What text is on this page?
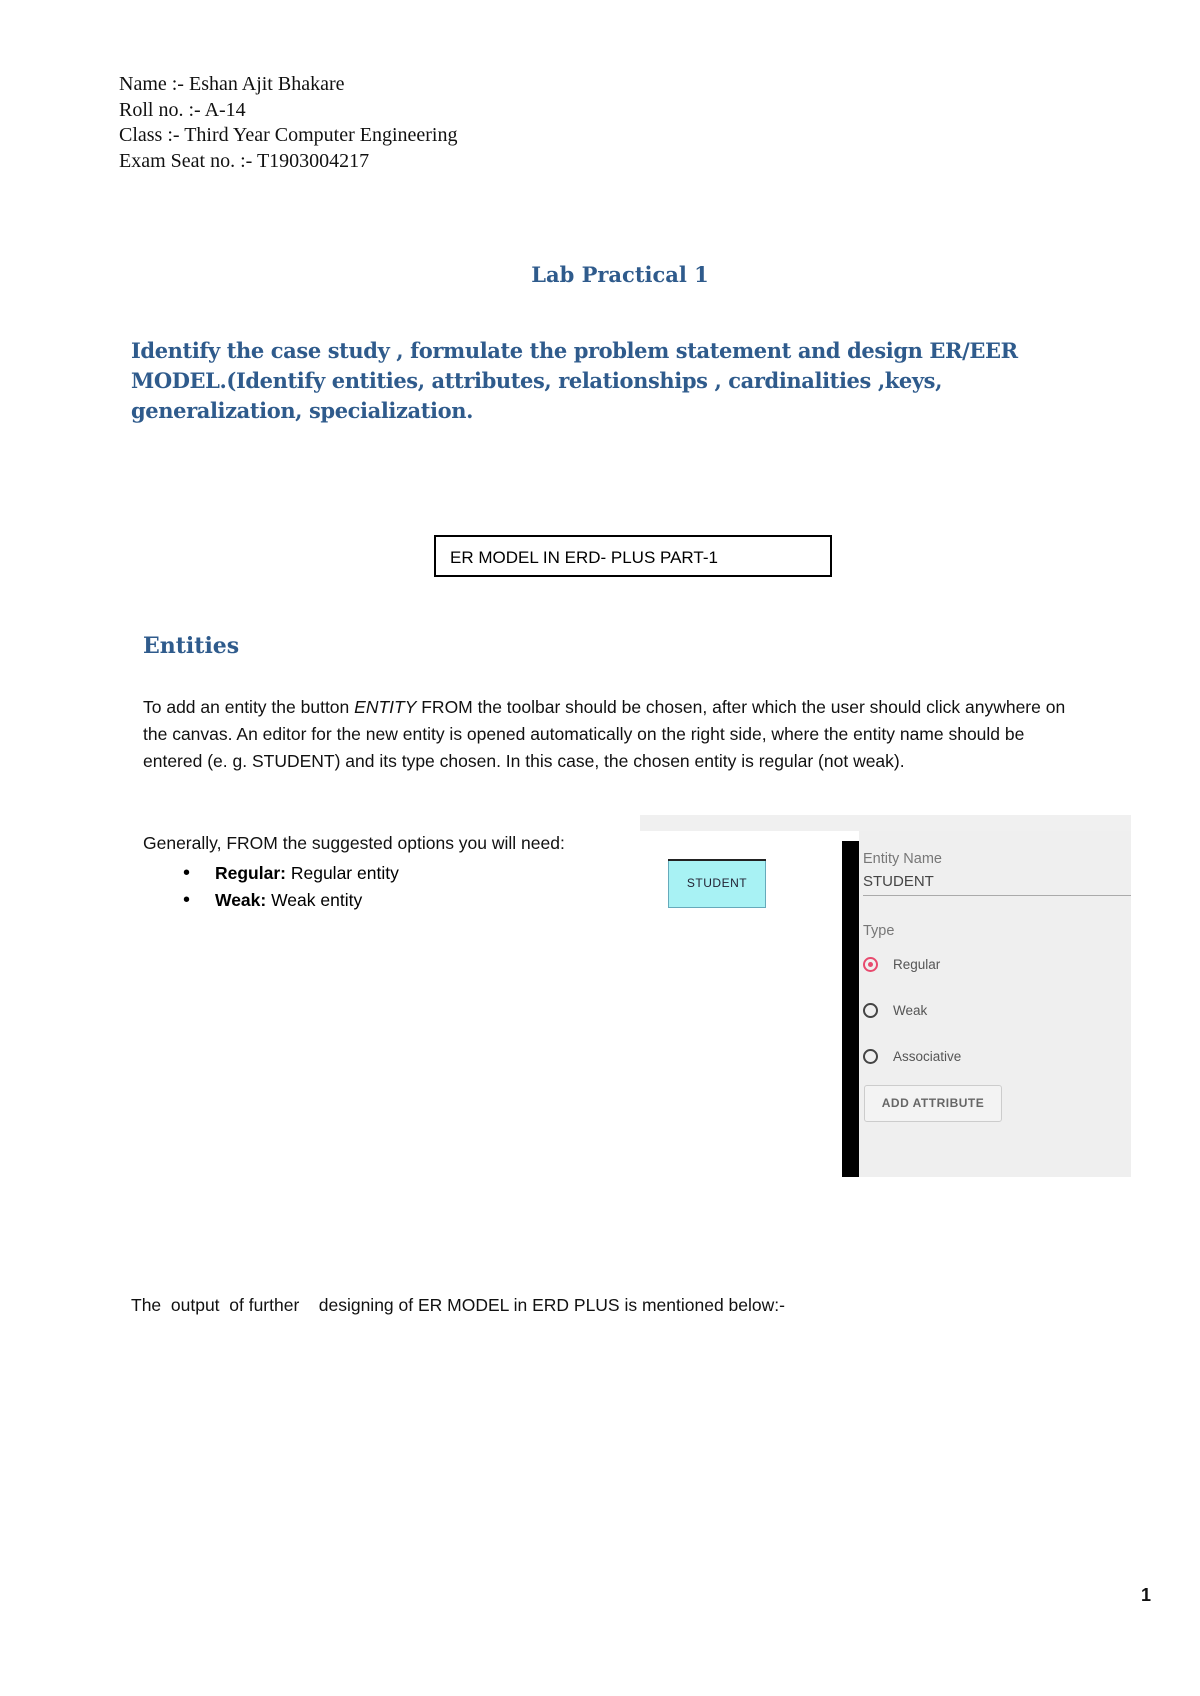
Name :- Eshan Ajit Bhakare
Roll no. :- A-14
Class :- Third Year Computer Engineering
Exam Seat no. :- T1903004217
Lab Practical 1
Identify the case study , formulate the problem statement and design ER/EER MODEL.(Identify entities, attributes, relationships , cardinalities ,keys, generalization, specialization.
ER MODEL IN ERD- PLUS PART-1
Entities
To add an entity the button ENTITY FROM the toolbar should be chosen, after which the user should click anywhere on the canvas. An editor for the new entity is opened automatically on the right side, where the entity name should be entered (e. g. STUDENT) and its type chosen. In this case, the chosen entity is regular (not weak).
Generally, FROM the suggested options you will need:
• Regular: Regular entity
• Weak: Weak entity
STUDENT
Entity Name
STUDENT
Type
Regular
Weak
Associative
ADD ATTRIBUTE
The  output  of further    designing of ER MODEL in ERD PLUS is mentioned below:-
1
